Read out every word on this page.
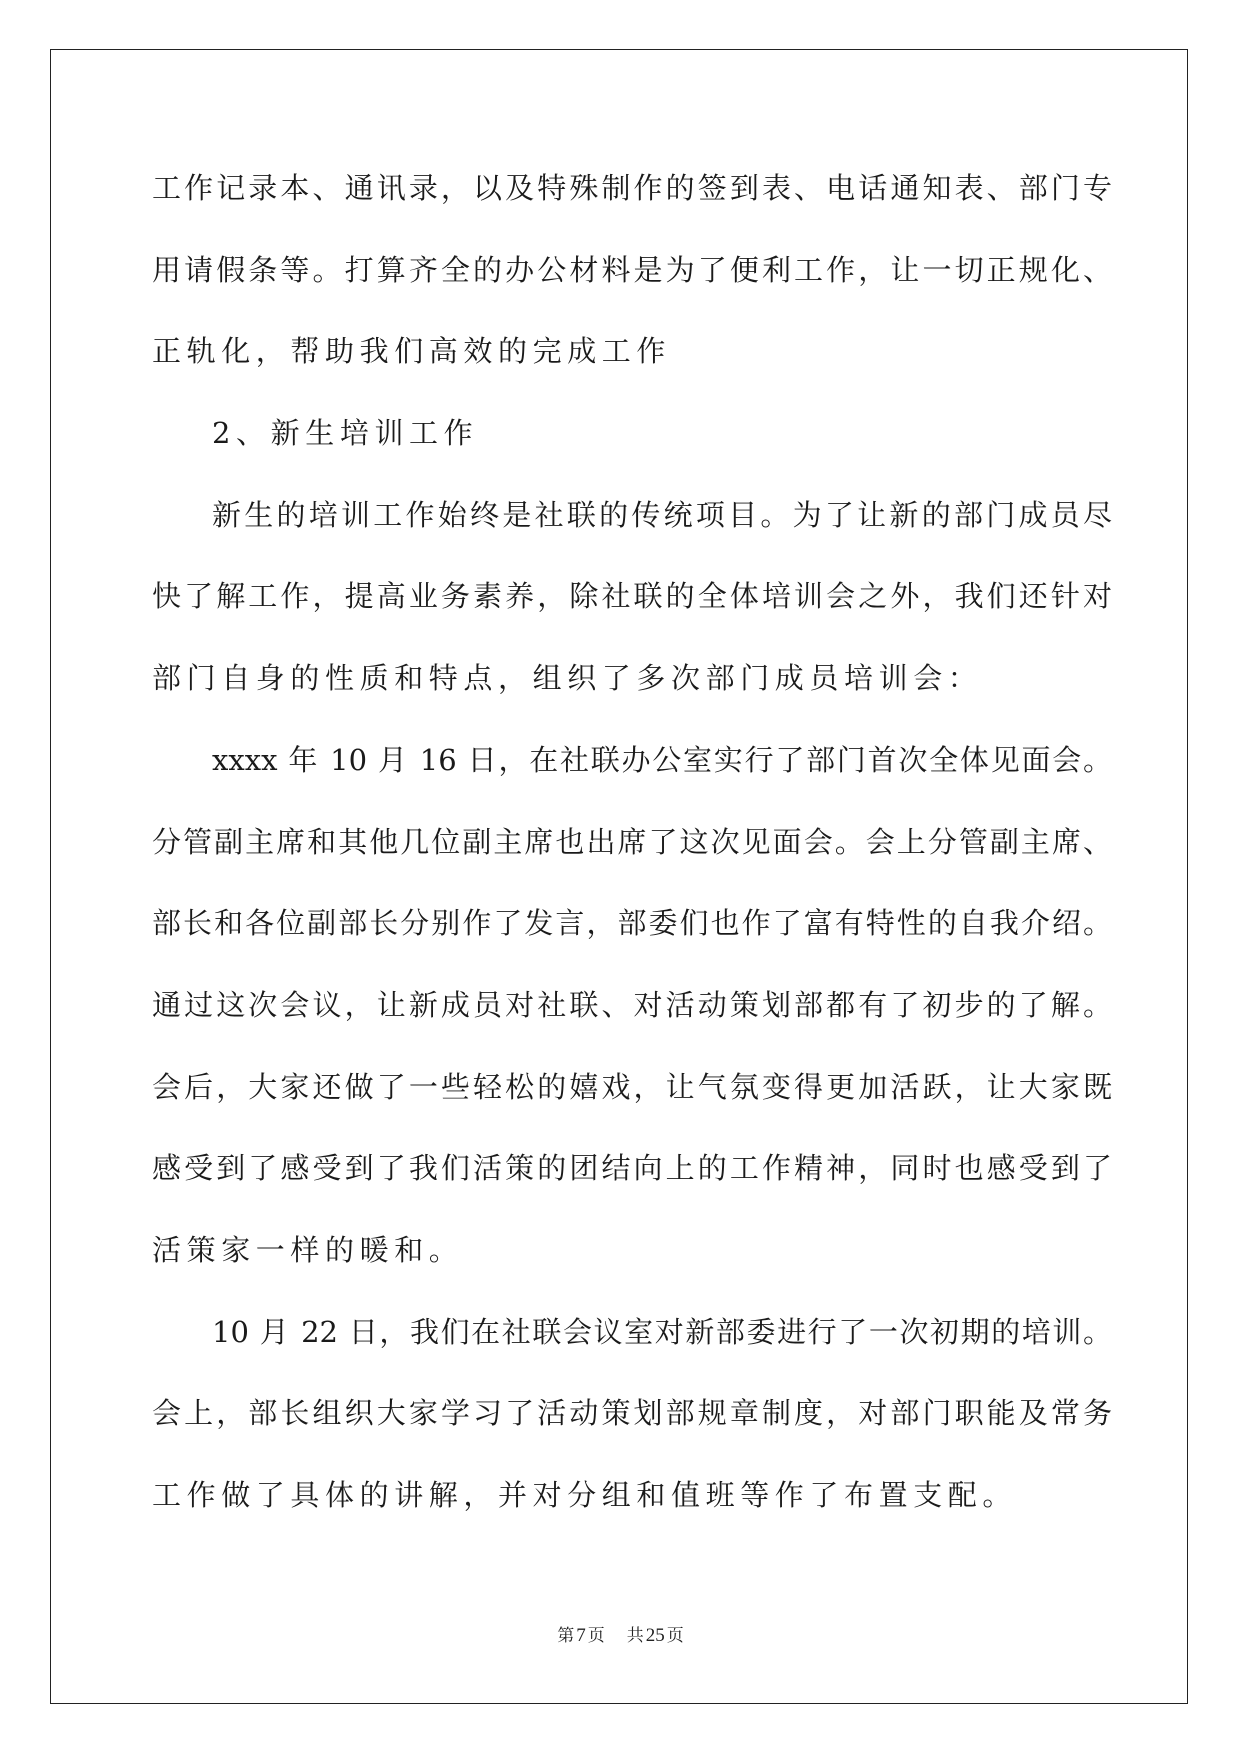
工作记录本、通讯录，以及特殊制作的签到表、电话通知表、部门专
用请假条等。打算齐全的办公材料是为了便利工作，让一切正规化、
正轨化，帮助我们高效的完成工作
2、新生培训工作
新生的培训工作始终是社联的传统项目。为了让新的部门成员尽
快了解工作，提高业务素养，除社联的全体培训会之外，我们还针对
部门自身的性质和特点，组织了多次部门成员培训会：
xxxx 年 10 月 16 日，在社联办公室实行了部门首次全体见面会。
分管副主席和其他几位副主席也出席了这次见面会。会上分管副主席、
部长和各位副部长分别作了发言，部委们也作了富有特性的自我介绍。
通过这次会议，让新成员对社联、对活动策划部都有了初步的了解。
会后，大家还做了一些轻松的嬉戏，让气氛变得更加活跃，让大家既
感受到了感受到了我们活策的团结向上的工作精神，同时也感受到了
活策家一样的暖和。
10 月 22 日，我们在社联会议室对新部委进行了一次初期的培训。
会上，部长组织大家学习了活动策划部规章制度，对部门职能及常务
工作做了具体的讲解，并对分组和值班等作了布置支配。
第 7 页 共 25 页
